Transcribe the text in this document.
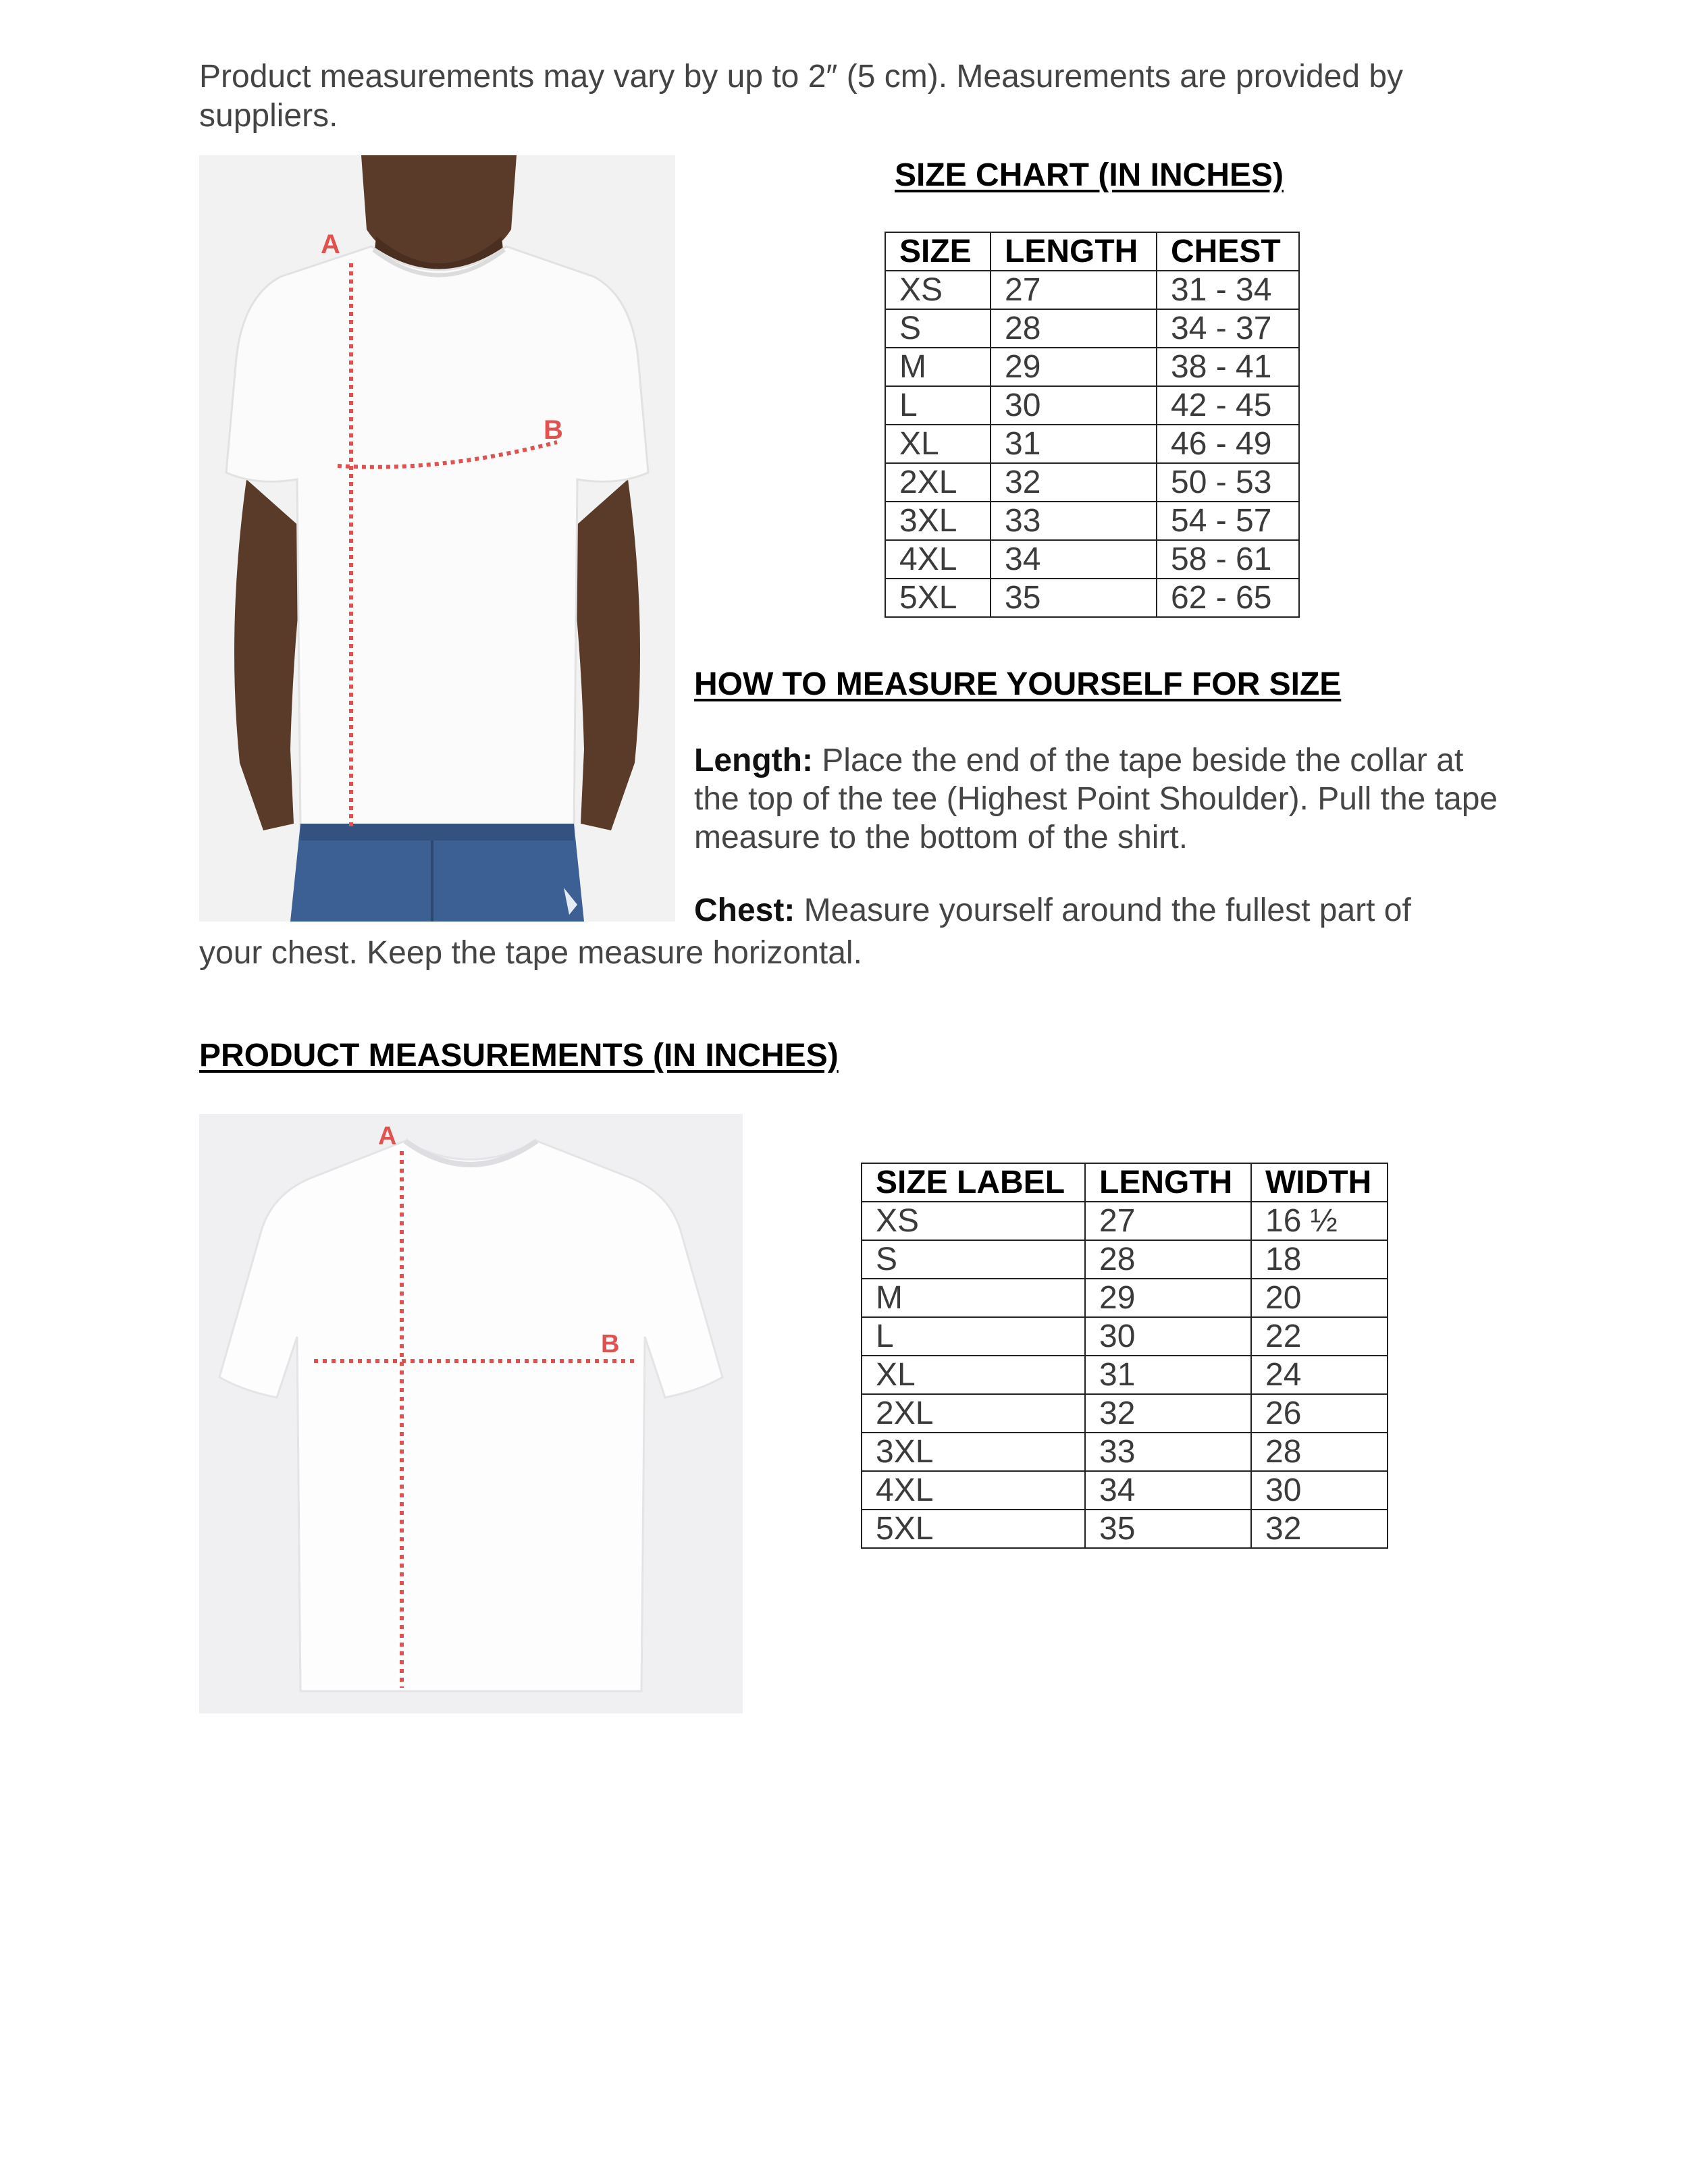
Product measurements may vary by up to 2″ (5 cm). Measurements are provided by suppliers.
A
B
SIZE CHART (IN INCHES)
SIZE	LENGTH	CHEST
XS	27	31 - 34
S	28	34 - 37
M	29	38 - 41
L	30	42 - 45
XL	31	46 - 49
2XL	32	50 - 53
3XL	33	54 - 57
4XL	34	58 - 61
5XL	35	62 - 65
HOW TO MEASURE YOURSELF FOR SIZE
Length: Place the end of the tape beside the collar at the top of the tee (Highest Point Shoulder). Pull the tape measure to the bottom of the shirt.
Chest: Measure yourself around the fullest part of
your chest. Keep the tape measure horizontal.
PRODUCT MEASUREMENTS (IN INCHES)
A
B
SIZE LABEL	LENGTH	WIDTH
XS	27	16 ½
S	28	18
M	29	20
L	30	22
XL	31	24
2XL	32	26
3XL	33	28
4XL	34	30
5XL	35	32
